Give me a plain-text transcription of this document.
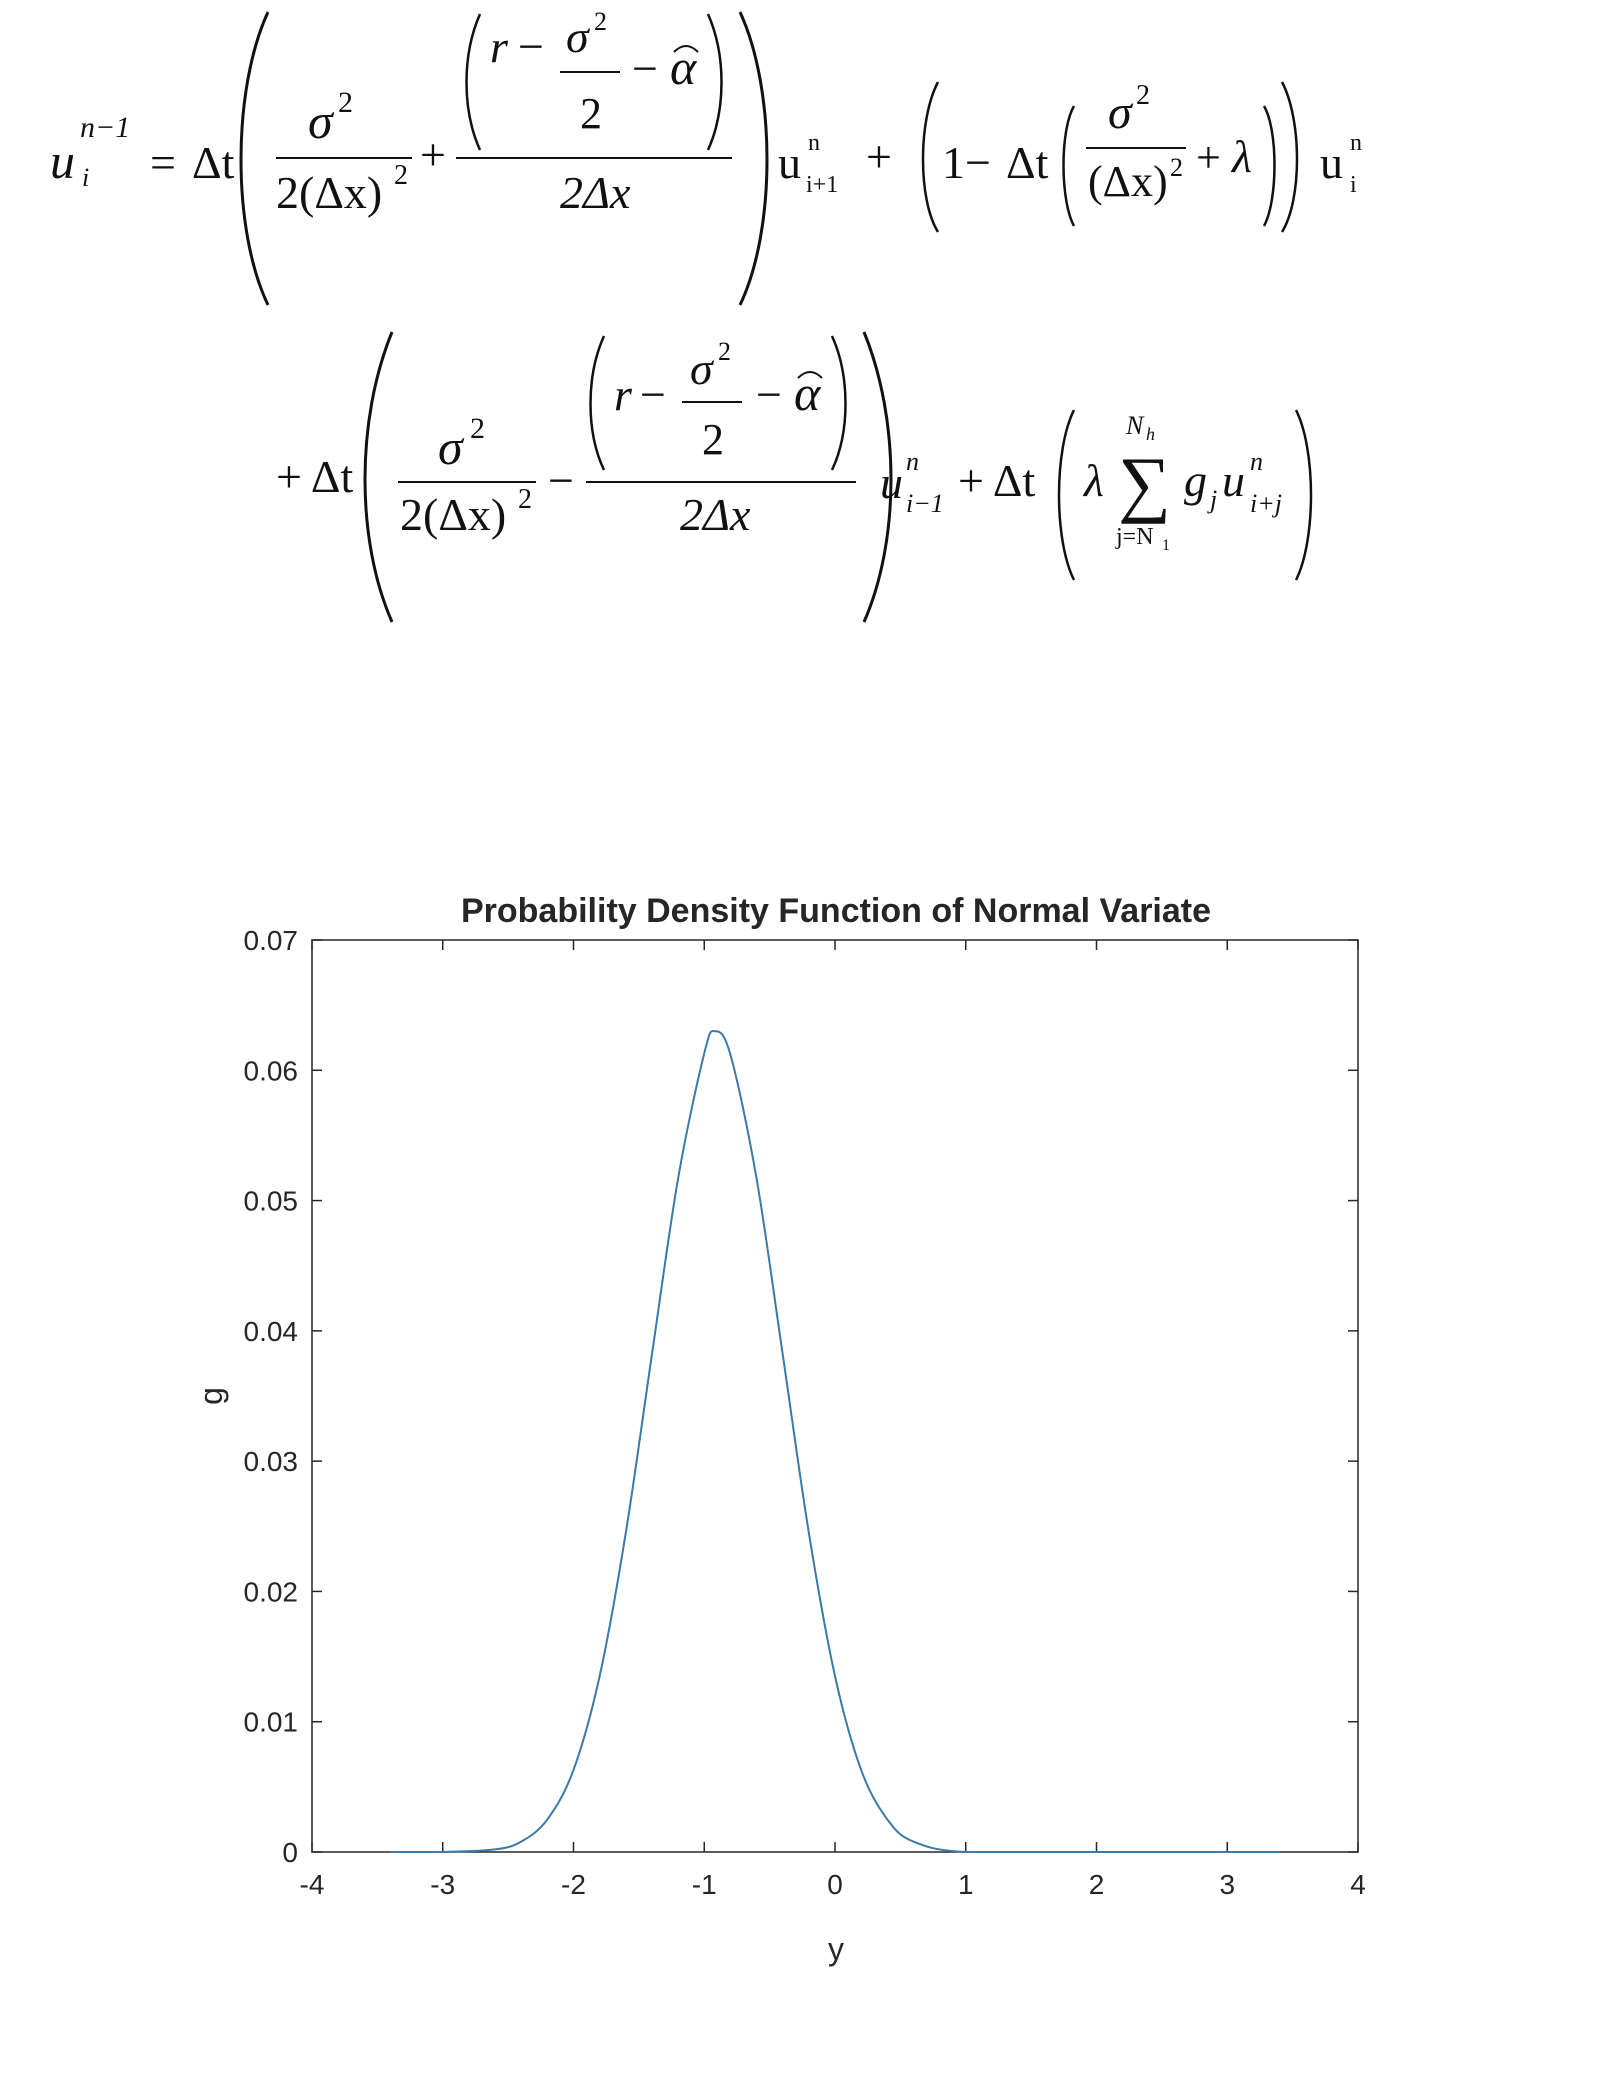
u
n−1
i = Δt
σ 2
2(Δx) 2 +
r − σ 2
2
− α
2Δx
u n
i+1
+ 1− Δt
σ 2
(Δx) 2 + λ u n
i
+ Δt
σ 2
2(Δx) 2 −
r −
σ 2
2
− α
2Δx
u n
i−1 + Δt λ
N h
∑
j=N 1
g j u n
i+j
Probability Density Function of Normal Variate
-4	-3	-2	-1	0	1	2	3	4
0
0.01
0.02
0.03
0.04
0.05
0.06
0.07
y
g
